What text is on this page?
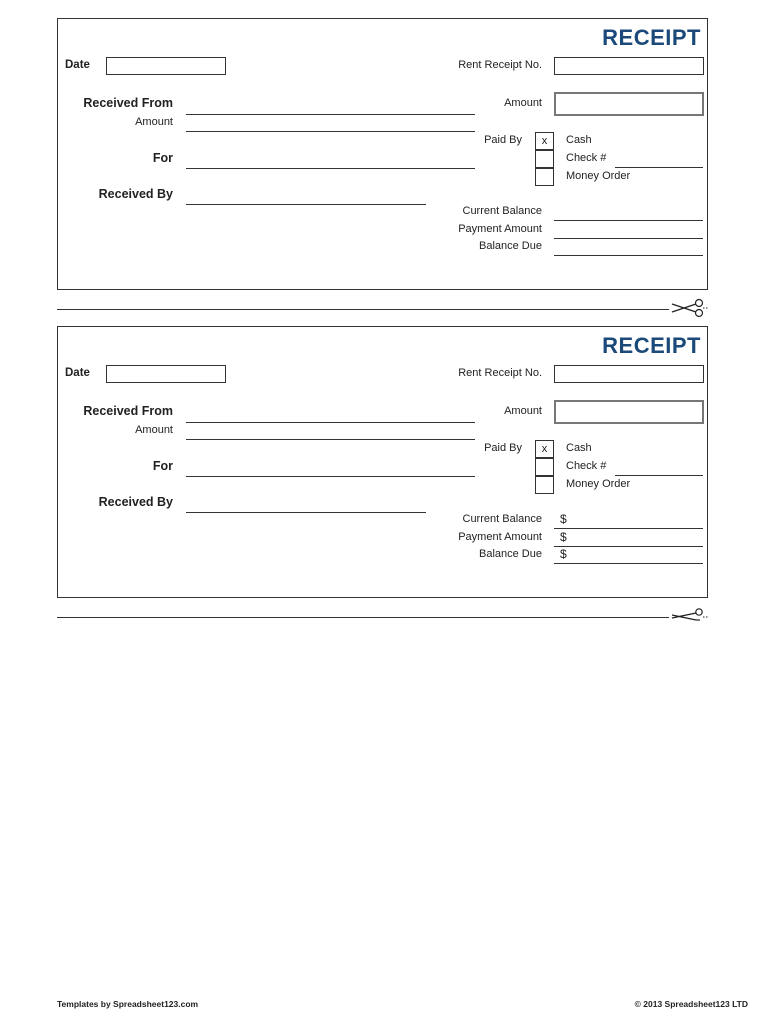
RECEIPT
Date	Rent Receipt No.
Received From
Amount
For
Received By
Amount
Paid By	x	Cash
Check #
Money Order
Current Balance
Payment Amount
Balance Due
RECEIPT
Date	Rent Receipt No.
Received From
Amount
For
Received By
Amount
Paid By	x	Cash
Check #
Money Order
Current Balance $
Payment Amount $
Balance Due $
Templates by Spreadsheet123.com	© 2013 Spreadsheet123 LTD
